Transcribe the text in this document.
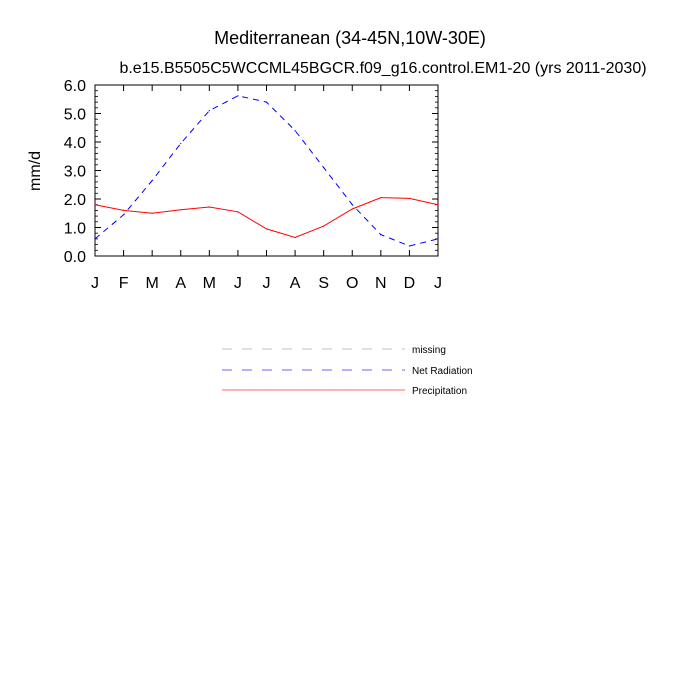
Mediterranean (34-45N,10W-30E)
b.e15.B5505C5WCCML45BGCR.f09_g16.control.EM1-20 (yrs 2011-2030)
mm/d
0.0
1.0
2.0
3.0
4.0
5.0
6.0
J F M A M J J A S O N D J
missing
Net Radiation
Precipitation
